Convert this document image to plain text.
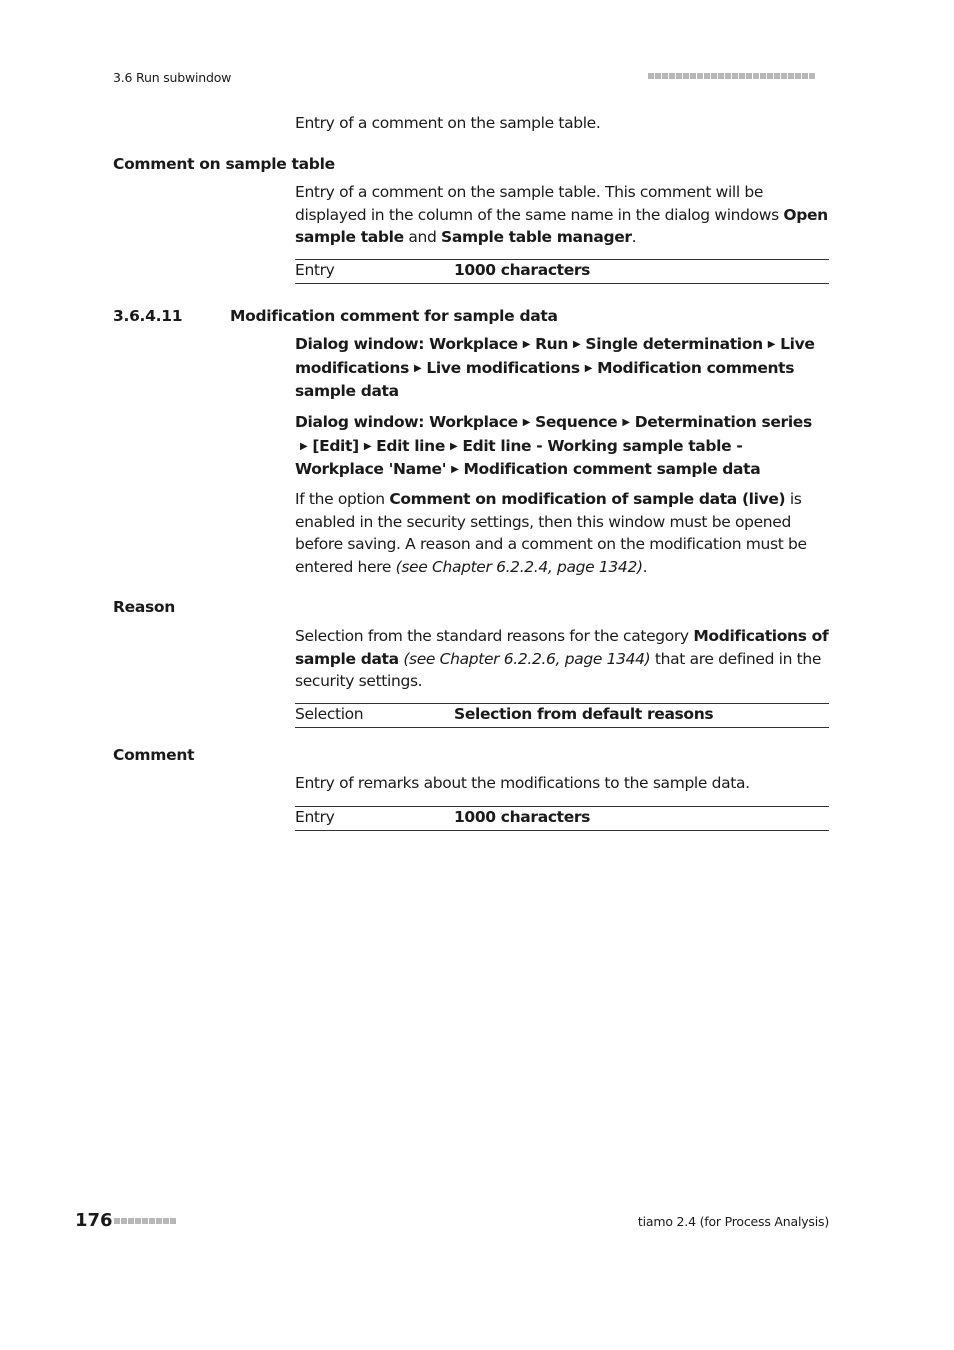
3.6 Run subwindow
Entry of a comment on the sample table.
Comment on sample table
Entry of a comment on the sample table. This comment will be displayed in the column of the same name in the dialog windows Open sample table and Sample table manager.
Entry	1000 characters
3.6.4.11	Modification comment for sample data
Dialog window: Workplace ▶ Run ▶ Single determination ▶ Live modifications ▶ Live modifications ▶ Modification comments sample data
Dialog window: Workplace ▶ Sequence ▶ Determination series▶ [Edit] ▶ Edit line ▶ Edit line - Working sample table - Workplace 'Name' ▶ Modification comment sample data
If the option Comment on modification of sample data (live) is enabled in the security settings, then this window must be opened before saving. A reason and a comment on the modification must be entered here (see Chapter 6.2.2.4, page 1342).
Reason
Selection from the standard reasons for the category Modifications of sample data (see Chapter 6.2.2.6, page 1344) that are defined in the security settings.
Selection	Selection from default reasons
Comment
Entry of remarks about the modifications to the sample data.
Entry	1000 characters
176	tiamo 2.4 (for Process Analysis)
